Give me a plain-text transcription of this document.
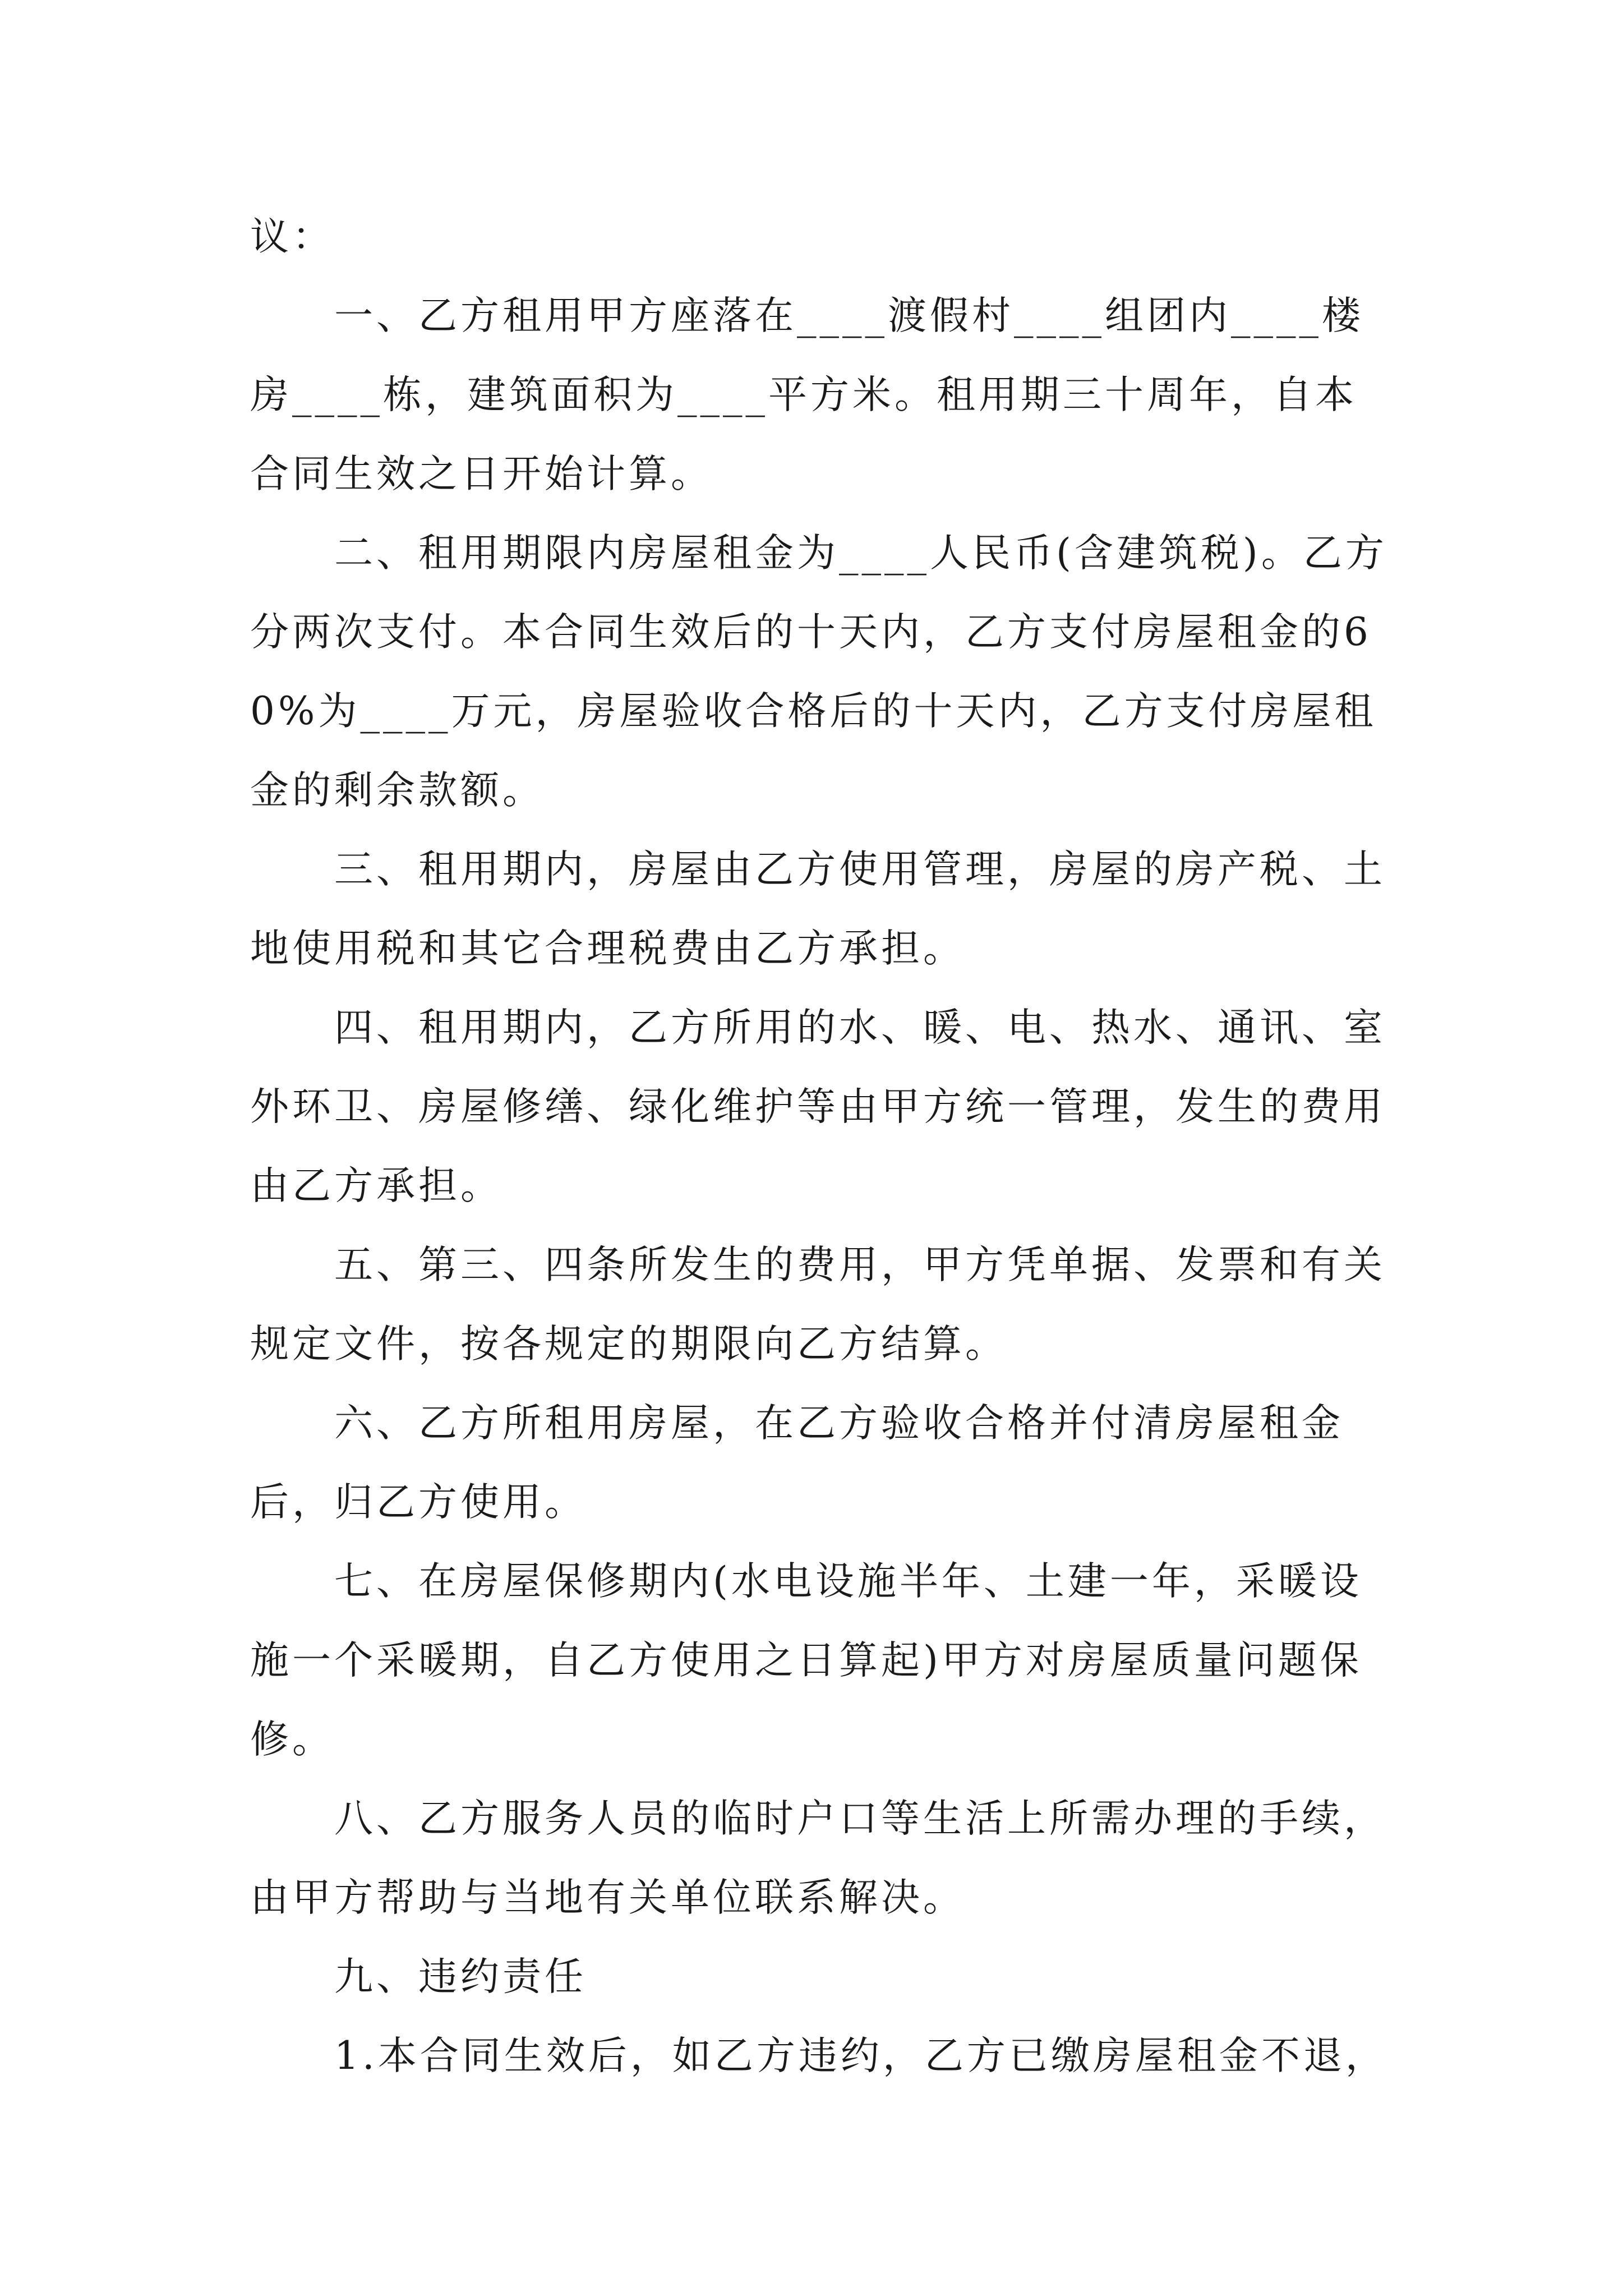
议：

一、乙方租用甲方座落在____渡假村____组团内____楼房____栋，建筑面积为____平方米。租用期三十周年，自本合同生效之日开始计算。

二、租用期限内房屋租金为____人民币(含建筑税)。乙方分两次支付。本合同生效后的十天内，乙方支付房屋租金的60%为____万元，房屋验收合格后的十天内，乙方支付房屋租金的剩余款额。

三、租用期内，房屋由乙方使用管理，房屋的房产税、土地使用税和其它合理税费由乙方承担。

四、租用期内，乙方所用的水、暖、电、热水、通讯、室外环卫、房屋修缮、绿化维护等由甲方统一管理，发生的费用由乙方承担。

五、第三、四条所发生的费用，甲方凭单据、发票和有关规定文件，按各规定的期限向乙方结算。

六、乙方所租用房屋，在乙方验收合格并付清房屋租金后，归乙方使用。

七、在房屋保修期内(水电设施半年、土建一年，采暖设施一个采暖期，自乙方使用之日算起)甲方对房屋质量问题保修。

八、乙方服务人员的临时户口等生活上所需办理的手续，由甲方帮助与当地有关单位联系解决。

九、违约责任

1.本合同生效后，如乙方违约，乙方已缴房屋租金不退，
